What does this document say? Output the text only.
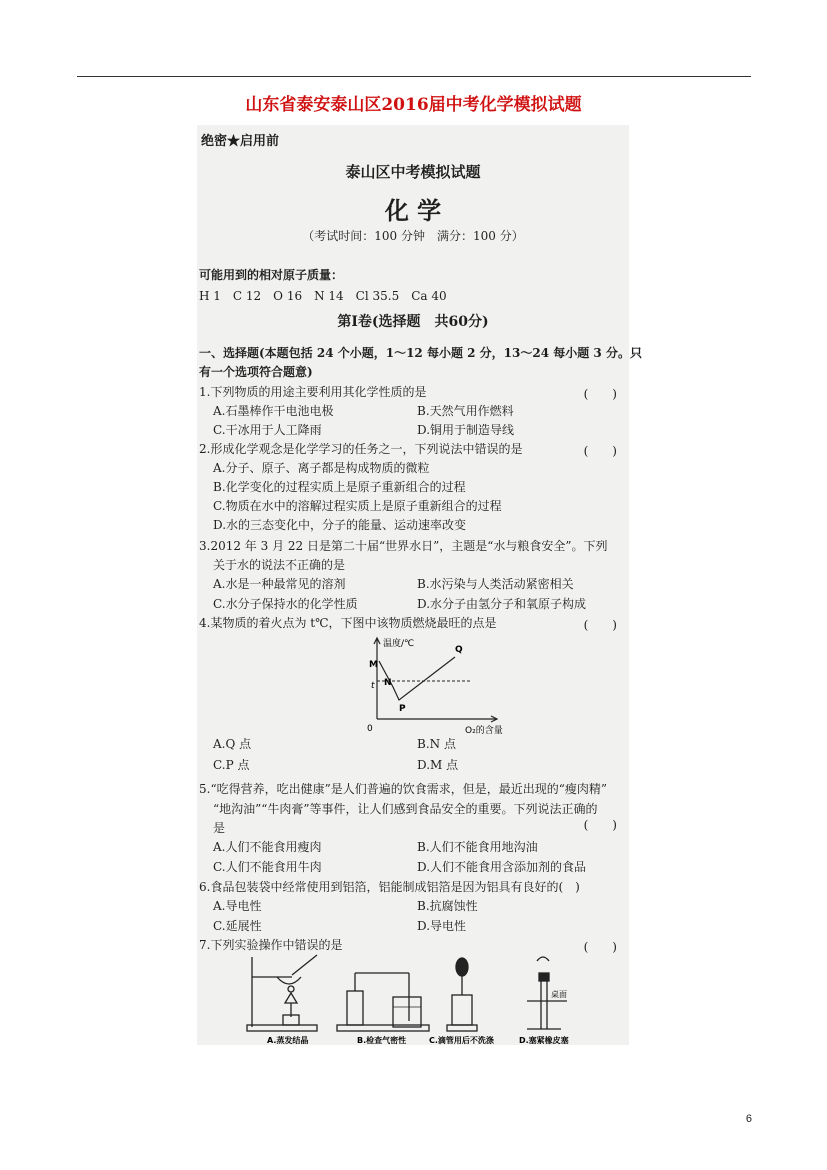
山东省泰安泰山区2016届中考化学模拟试题
绝密★启用前
泰山区中考模拟试题
化 学
（考试时间：100 分钟　满分：100 分）
可能用到的相对原子质量：
H 1　C 12　O 16　N 14　Cl 35.5　Ca 40
第Ⅰ卷(选择题　共60分)
一、选择题(本题包括 24 个小题，1～12 每小题 2 分，13～24 每小题 3 分。只
有一个选项符合题意)
1.下列物质的用途主要利用其化学性质的是	(　　)
A.石墨棒作干电池电极	B.天然气用作燃料
C.干冰用于人工降雨	D.铜用于制造导线
2.形成化学观念是化学学习的任务之一，下列说法中错误的是	(　　)
A.分子、原子、离子都是构成物质的微粒
B.化学变化的过程实质上是原子重新组合的过程
C.物质在水中的溶解过程实质上是原子重新组合的过程
D.水的三态变化中，分子的能量、运动速率改变
3.2012 年 3 月 22 日是第二十届“世界水日”，主题是“水与粮食安全”。下列
关于水的说法不正确的是
A.水是一种最常见的溶剂	B.水污染与人类活动紧密相关
C.水分子保持水的化学性质	D.水分子由氢分子和氧原子构成
4.某物质的着火点为 t℃，下图中该物质燃烧最旺的点是	(　　)
温度/℃
M
N
P
Q
t
0	O₂的含量
A.Q 点	B.N 点
C.P 点	D.M 点
5.“吃得营养，吃出健康”是人们普遍的饮食需求，但是，最近出现的“瘦肉精”
“地沟油”“牛肉膏”等事件，让人们感到食品安全的重要。下列说法正确的
是	(　　)
A.人们不能食用瘦肉	B.人们不能食用地沟油
C.人们不能食用牛肉	D.人们不能食用含添加剂的食品
6.食品包装袋中经常使用到铝箔，铝能制成铝箔是因为铝具有良好的(　)
A.导电性	B.抗腐蚀性
C.延展性	D.导电性
7.下列实验操作中错误的是	(　　)
桌面
A.蒸发结晶	B.检查气密性	C.滴管用后不洗涤	D.塞紧橡皮塞
6
